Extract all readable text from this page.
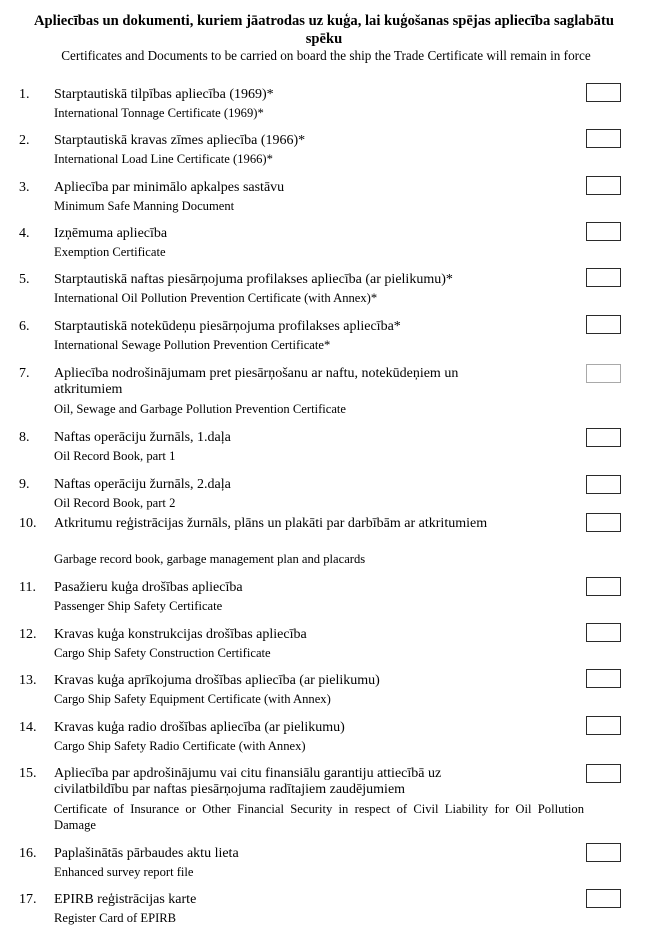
Apliecības un dokumenti, kuriem jāatrodas uz kuģa, lai kuģošanas spējas apliecība saglabātu spēku
Certificates and Documents to be carried on board the ship the Trade Certificate will remain in force
1. Starptautiskā tilpības apliecība (1969)*
International Tonnage Certificate (1969)*
2. Starptautiskā kravas zīmes apliecība (1966)*
International Load Line Certificate (1966)*
3. Apliecība par minimālo apkalpes sastāvu
Minimum Safe Manning Document
4. Izņēmuma apliecība
Exemption Certificate
5. Starptautiskā naftas piesārņojuma profilakses apliecība (ar pielikumu)*
International Oil Pollution Prevention Certificate (with Annex)*
6. Starptautiskā notekūdeņu piesārņojuma profilakses apliecība*
International Sewage Pollution Prevention Certificate*
7. Apliecība nodrošinājumam pret piesārņošanu ar naftu, notekūdeņiem un atkritumiem
Oil, Sewage and Garbage Pollution Prevention Certificate
8. Naftas operāciju žurnāls, 1.daļa
Oil Record Book, part 1
9. Naftas operāciju žurnāls, 2.daļa
Oil Record Book, part 2
10. Atkritumu reģistrācijas žurnāls, plāns un plakāti par darbībām ar atkritumiem
Garbage record book, garbage management plan and placards
11. Pasažieru kuģa drošības apliecība
Passenger Ship Safety Certificate
12. Kravas kuģa konstrukcijas drošības apliecība
Cargo Ship Safety Construction Certificate
13. Kravas kuģa aprīkojuma drošības apliecība (ar pielikumu)
Cargo Ship Safety Equipment Certificate (with Annex)
14. Kravas kuģa radio drošības apliecība (ar pielikumu)
Cargo Ship Safety Radio Certificate (with Annex)
15. Apliecība par apdrošinājumu vai citu finansiālu garantiju attiecībā uz civilatbildību par naftas piesārņojuma radītajiem zaudējumiem
Certificate of Insurance or Other Financial Security in respect of Civil Liability for Oil Pollution Damage
16. Paplašinātās pārbaudes aktu lieta
Enhanced survey report file
17. EPIRB reģistrācijas karte
Register Card of EPIRB
